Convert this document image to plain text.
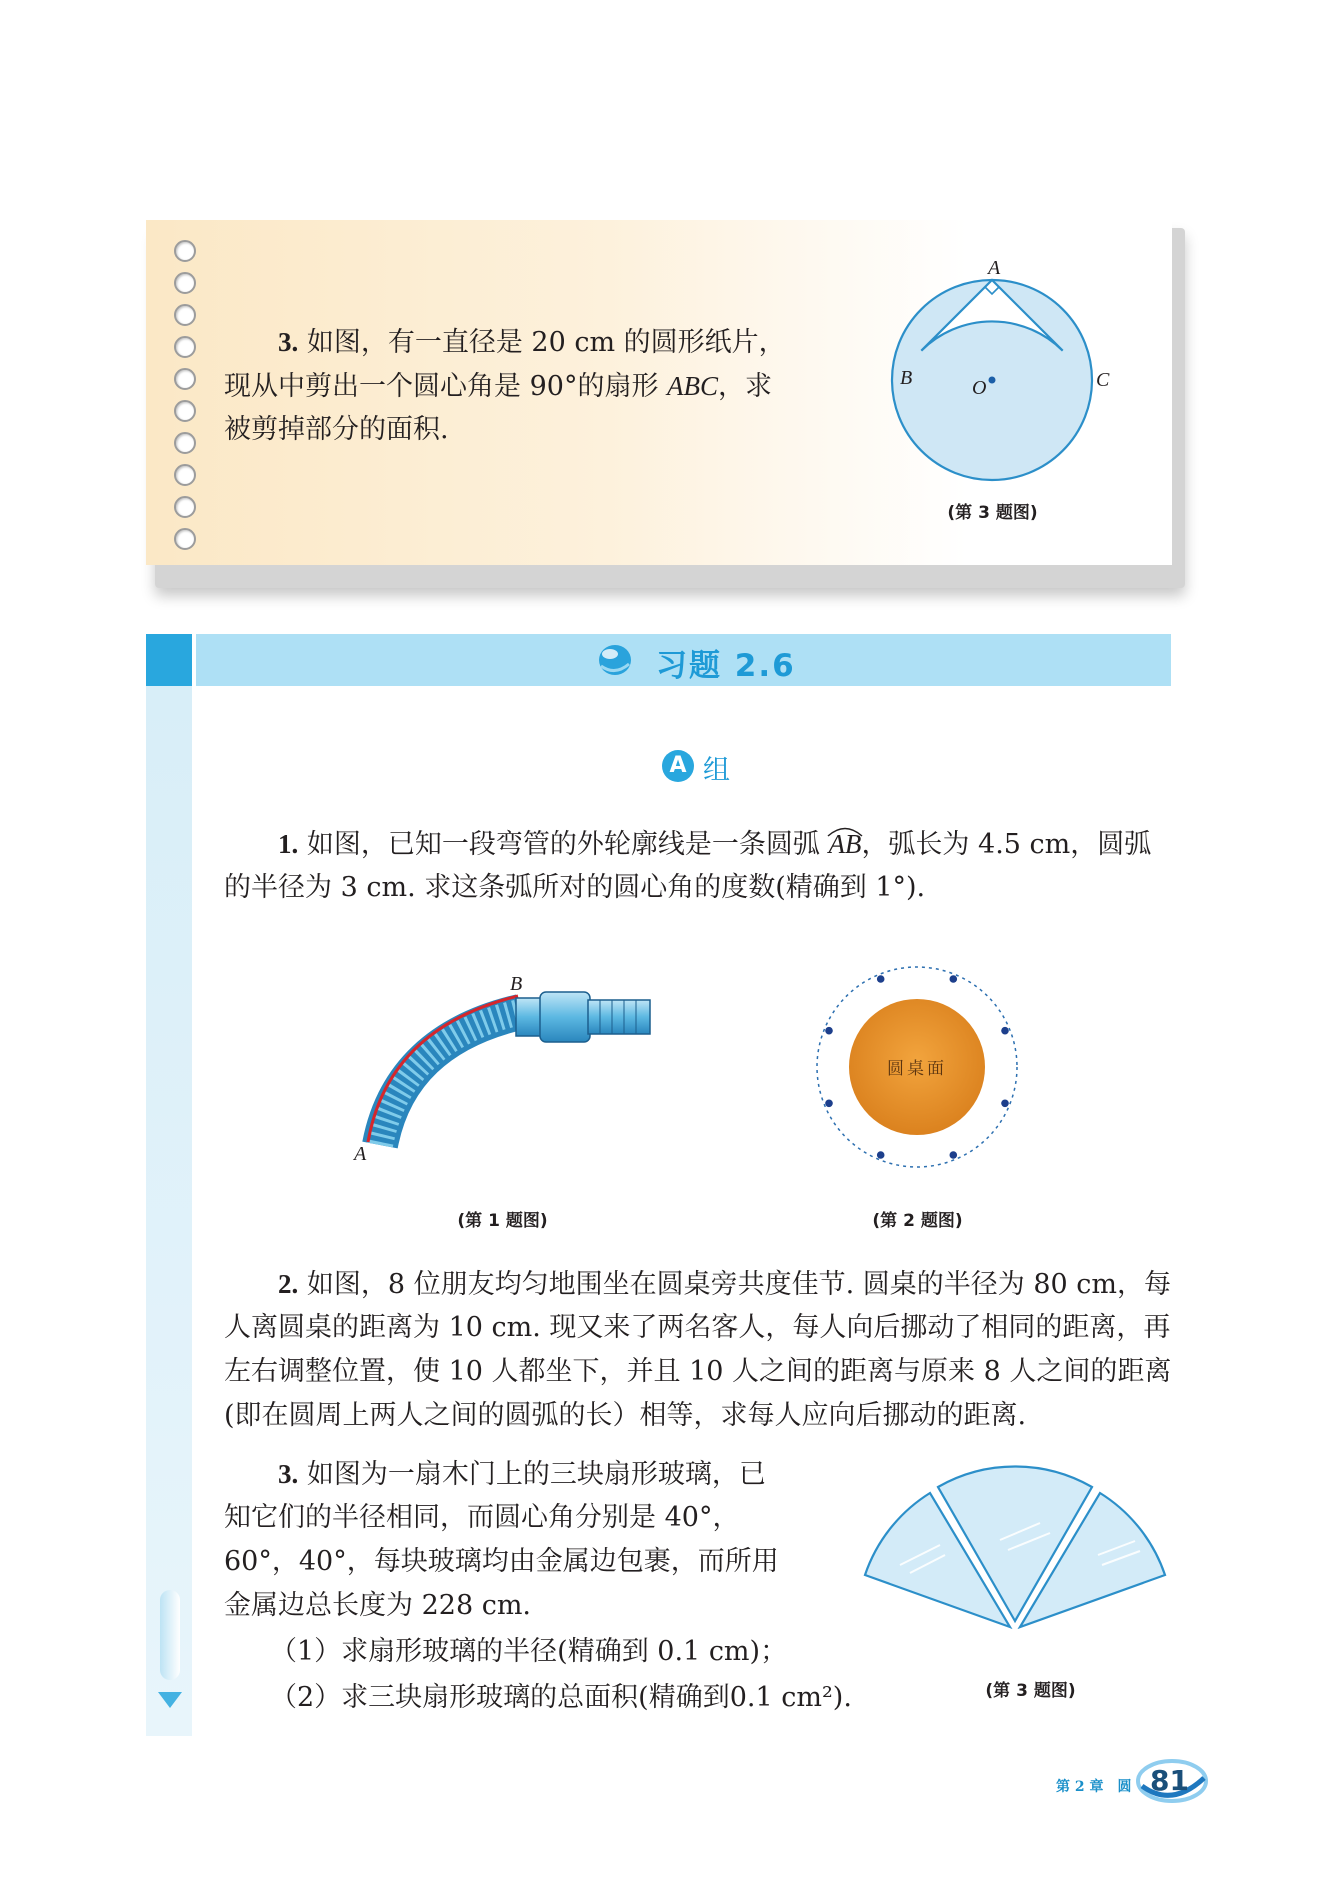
3. 如图，有一直径是 20 cm 的圆形纸片，
现从中剪出一个圆心角是 90°的扇形 ABC，求
被剪掉部分的面积.
A
B	C
O
(第 3 题图)
习题 2.6
A 组
1. 如图，已知一段弯管的外轮廓线是一条圆弧 AB
，弧长为 4.5 cm，圆弧
的半径为 3 cm. 求这条弧所对的圆心角的度数(精确到 1°).
A
B
(第 1 题图)
圆桌面
(第 2 题图)
2. 如图，8 位朋友均匀地围坐在圆桌旁共度佳节. 圆桌的半径为 80 cm，每
人离圆桌的距离为 10 cm. 现又来了两名客人，每人向后挪动了相同的距离，再
左右调整位置，使 10 人都坐下，并且 10 人之间的距离与原来 8 人之间的距离
(即在圆周上两人之间的圆弧的长）相等，求每人应向后挪动的距离.
3. 如图为一扇木门上的三块扇形玻璃，已
知它们的半径相同，而圆心角分别是 40°，
60°，40°，每块玻璃均由金属边包裹，而所用
金属边总长度为 228 cm.
（1）求扇形玻璃的半径(精确到 0.1 cm)；
（2）求三块扇形玻璃的总面积(精确到0.1 cm²).	(第 3 题图)
第 2 章　圆 81
